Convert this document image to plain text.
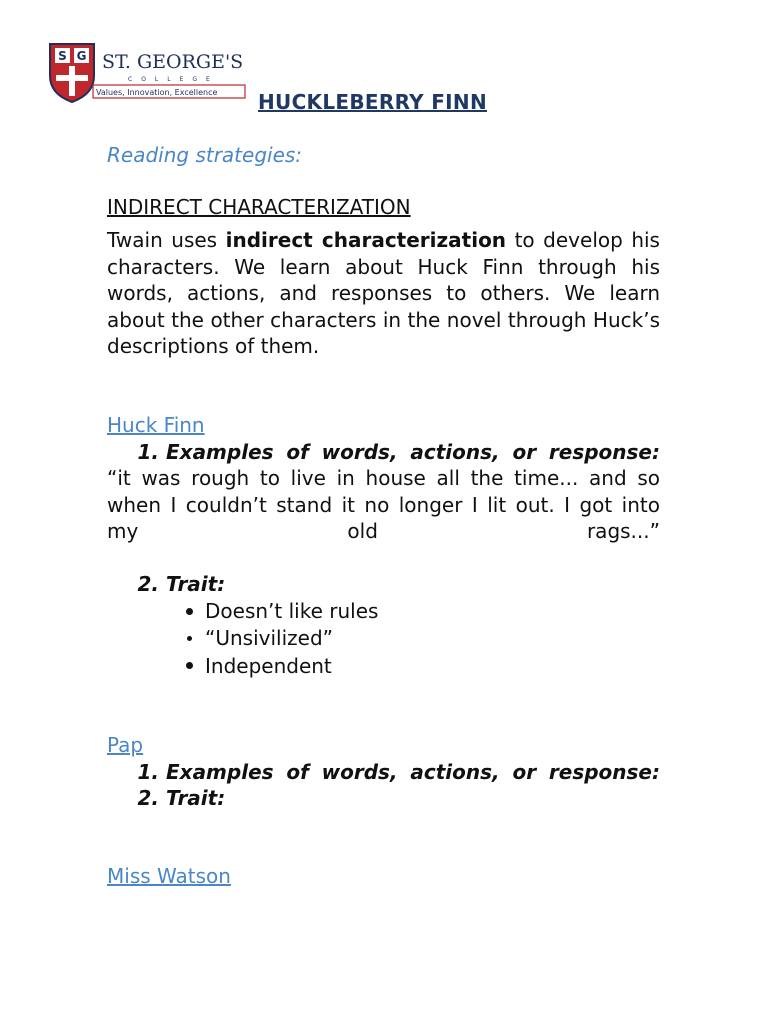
S G ST. GEORGE'S
COLLEGE
Values, Innovation, Excellence HUCKLEBERRY FINN
Reading strategies:
INDIRECT CHARACTERIZATION
Twain uses indirect characterization to develop his characters. We learn about Huck Finn through his words, actions, and responses to others. We learn about the other characters in the novel through Huck’s descriptions of them.
Huck Finn
1. Examples of words, actions, or response:
“it was rough to live in house all the time... and so when I couldn’t stand it no longer I lit out. I got into my old rags...”
2. Trait:
Doesn’t like rules
“Unsivilized”
Independent
Pap
1. Examples of words, actions, or response:
2. Trait:
Miss Watson
